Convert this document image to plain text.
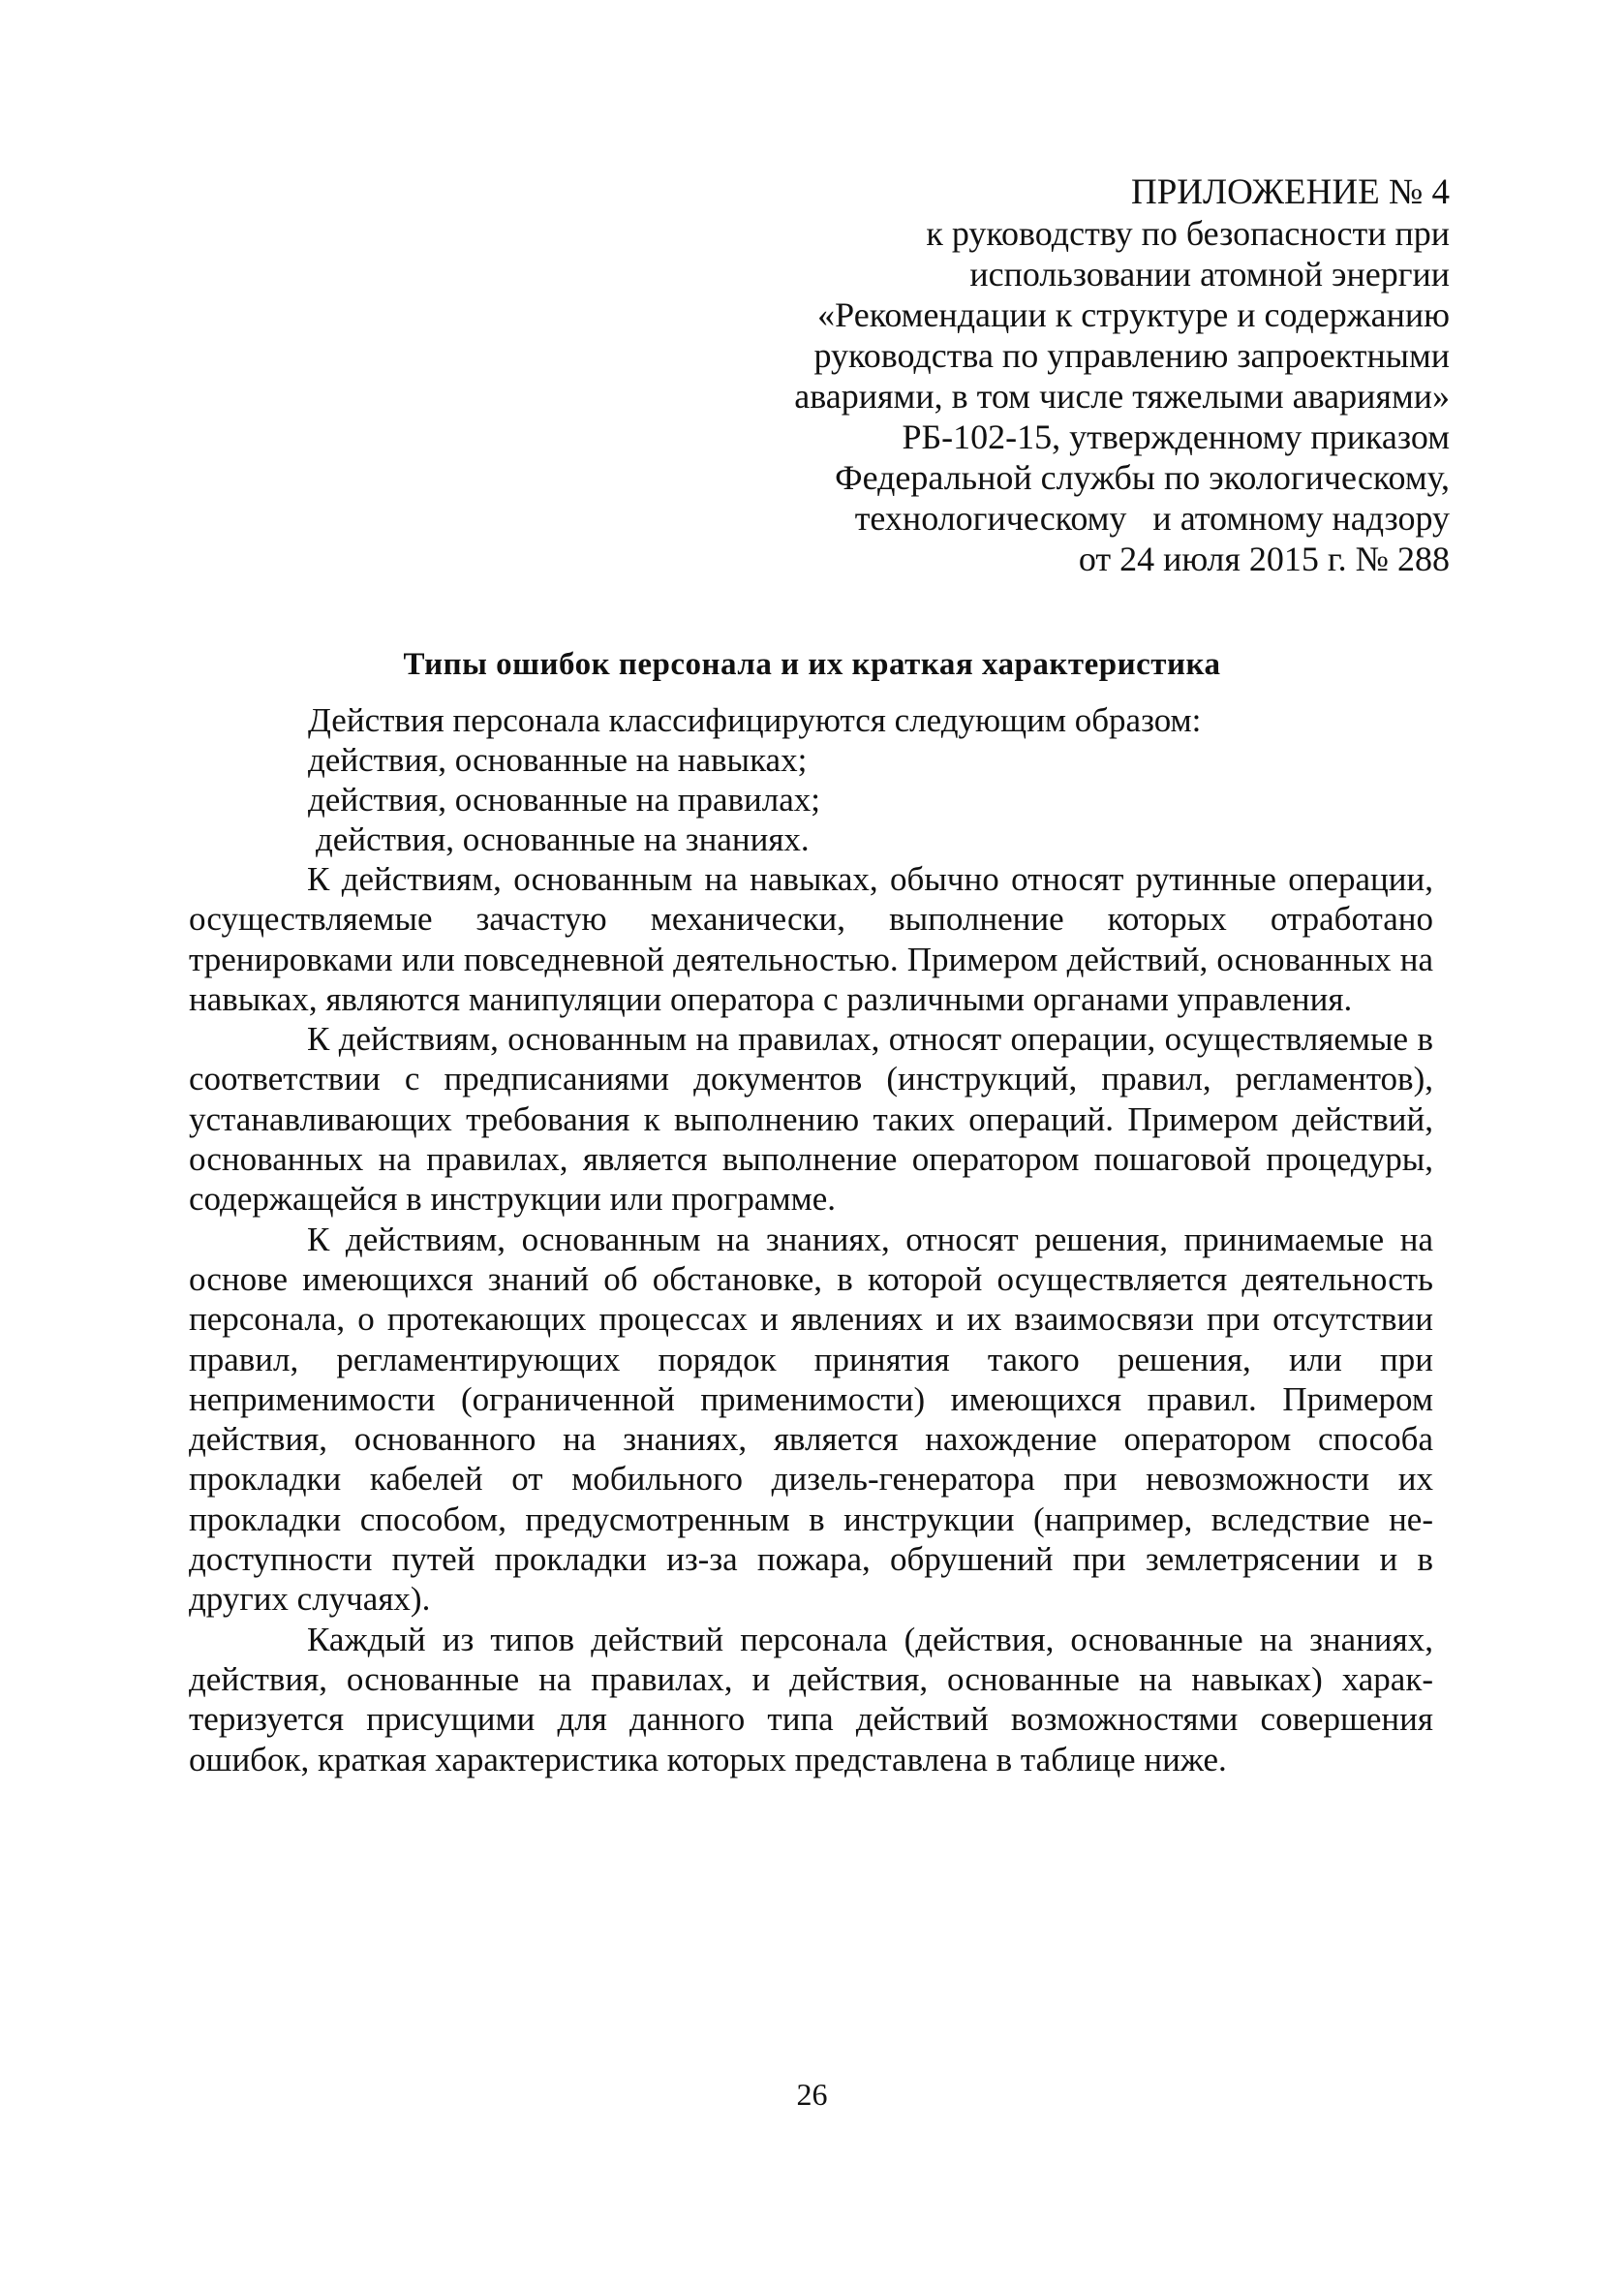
ПРИЛОЖЕНИЕ № 4
к руководству по безопасности при
использовании атомной энергии
«Рекомендации к структуре и содержанию
руководства по управлению запроектными
авариями, в том числе тяжелыми авариями»
РБ-102-15, утвержденному приказом
Федеральной службы по экологическому,
технологическому   и атомному надзору
от 24 июля 2015 г. № 288
Типы ошибок персонала и их краткая характеристика
Действия персонала классифицируются следующим образом:
действия, основанные на навыках;
действия, основанные на правилах;
действия, основанные на знаниях.

К действиям, основанным на навыках, обычно относят рутинные операции, осуществляемые зачастую механически, выполнение которых отработано тренировками или повседневной деятельностью. Примером действий, основанных на навыках, являются манипуляции оператора с различными органами управления.

К действиям, основанным на правилах, относят операции, осуществляемые в соответствии с предписаниями документов (инструкций, правил, регламентов), устанавливающих требования к выполнению таких операций. Примером действий, основанных на правилах, является выполнение оператором пошаговой процедуры, содержащейся в инструкции или программе.

К действиям, основанным на знаниях, относят решения, принимаемые на основе имеющихся знаний об обстановке, в которой осуществляется деятельность персонала, о протекающих процессах и явлениях и их взаимосвязи при отсутствии правил, регламентирующих порядок принятия такого решения, или при неприменимости (ограниченной применимости) имеющихся правил. Примером действия, основанного на знаниях, является нахождение оператором способа прокладки кабелей от мобильного дизель-генератора при невозможности их прокладки способом, предусмотренным в инструкции (например, вследствие недоступности путей прокладки из-за пожара, обрушений при землетрясении и в других случаях).

Каждый из типов действий персонала (действия, основанные на знаниях, действия, основанные на правилах, и действия, основанные на навыках) характеризуется присущими для данного типа действий возможностями совершения ошибок, краткая характеристика которых представлена в таблице ниже.

26
